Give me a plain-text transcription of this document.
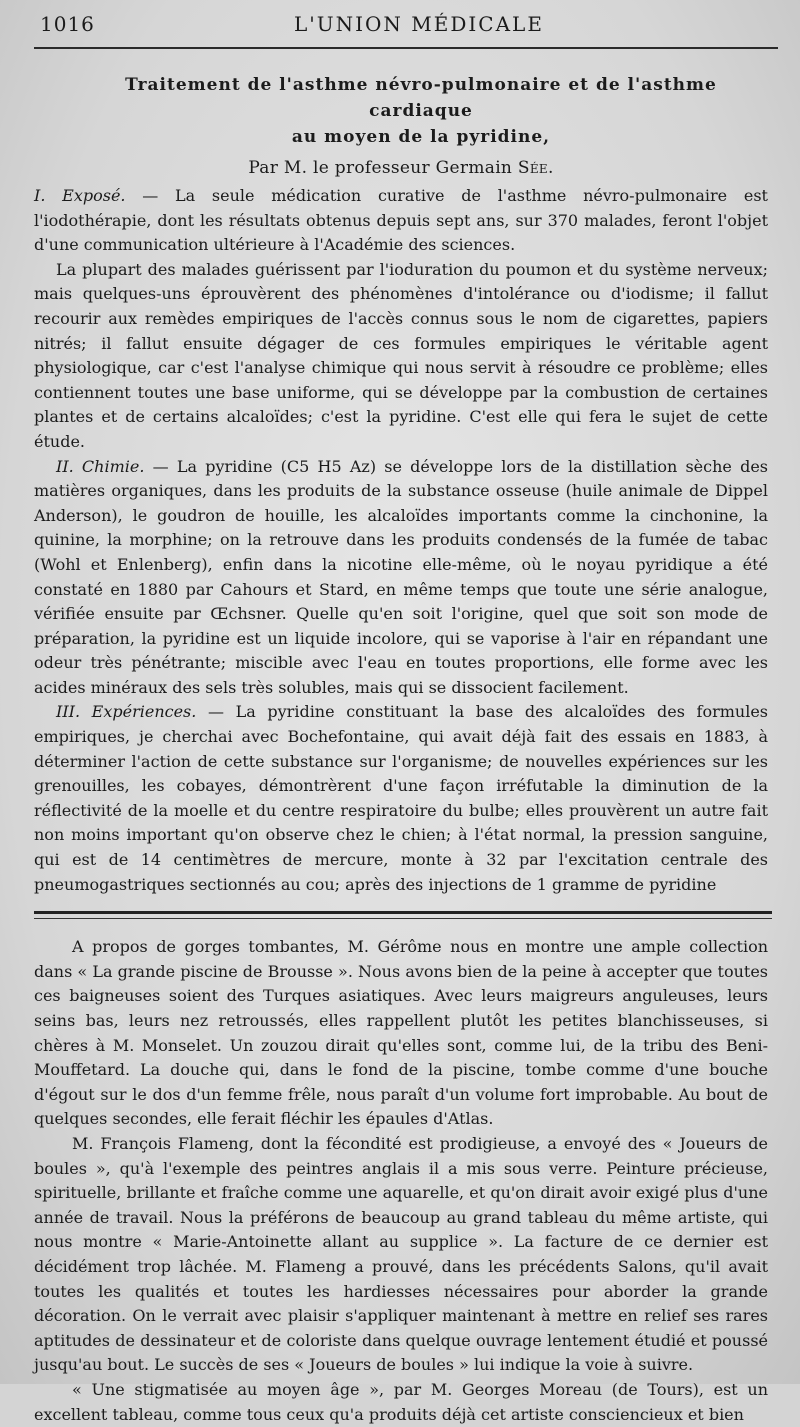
1016	L'UNION MÉDICALE
Traitement de l'asthme névro-pulmonaire et de l'asthme cardiaque
au moyen de la pyridine,
Par M. le professeur Germain Sée.

I. Exposé. — La seule médication curative de l'asthme névro-pulmonaire est l'iodothérapie, dont les résultats obtenus depuis sept ans, sur 370 malades, feront l'objet d'une communication ultérieure à l'Académie des sciences.

La plupart des malades guérissent par l'ioduration du poumon et du système nerveux; mais quelques-uns éprouvèrent des phénomènes d'intolérance ou d'iodisme; il fallut recourir aux remèdes empiriques de l'accès connus sous le nom de cigarettes, papiers nitrés; il fallut ensuite dégager de ces formules empiriques le véritable agent physiologique, car c'est l'analyse chimique qui nous servit à résoudre ce problème; elles contiennent toutes une base uniforme, qui se développe par la combustion de certaines plantes et de certains alcaloïdes; c'est la pyridine. C'est elle qui fera le sujet de cette étude.

II. Chimie. — La pyridine (C5 H5 Az) se développe lors de la distillation sèche des matières organiques, dans les produits de la substance osseuse (huile animale de Dippel Anderson), le goudron de houille, les alcaloïdes importants comme la cinchonine, la quinine, la morphine; on la retrouve dans les produits condensés de la fumée de tabac (Wohl et Enlenberg), enfin dans la nicotine elle-même, où le noyau pyridique a été constaté en 1880 par Cahours et Stard, en même temps que toute une série analogue, vérifiée ensuite par Œchsner. Quelle qu'en soit l'origine, quel que soit son mode de préparation, la pyridine est un liquide incolore, qui se vaporise à l'air en répandant une odeur très pénétrante; miscible avec l'eau en toutes proportions, elle forme avec les acides minéraux des sels très solubles, mais qui se dissocient facilement.

III. Expériences. — La pyridine constituant la base des alcaloïdes des formules empiriques, je cherchai avec Bochefontaine, qui avait déjà fait des essais en 1883, à déterminer l'action de cette substance sur l'organisme; de nouvelles expériences sur les grenouilles, les cobayes, démontrèrent d'une façon irréfutable la diminution de la réflectivité de la moelle et du centre respiratoire du bulbe; elles prouvèrent un autre fait non moins important qu'on observe chez le chien; à l'état normal, la pression sanguine, qui est de 14 centimètres de mercure, monte à 32 par l'excitation centrale des pneumogastriques sectionnés au cou; après des injections de 1 gramme de pyridine

A propos de gorges tombantes, M. Gérôme nous en montre une ample collection dans « La grande piscine de Brousse ». Nous avons bien de la peine à accepter que toutes ces baigneuses soient des Turques asiatiques. Avec leurs maigreurs anguleuses, leurs seins bas, leurs nez retroussés, elles rappellent plutôt les petites blanchisseuses, si chères à M. Monselet. Un zouzou dirait qu'elles sont, comme lui, de la tribu des Beni-Mouffetard. La douche qui, dans le fond de la piscine, tombe comme d'une bouche d'égout sur le dos d'un femme frêle, nous paraît d'un volume fort improbable. Au bout de quelques secondes, elle ferait fléchir les épaules d'Atlas.

M. François Flameng, dont la fécondité est prodigieuse, a envoyé des « Joueurs de boules », qu'à l'exemple des peintres anglais il a mis sous verre. Peinture précieuse, spirituelle, brillante et fraîche comme une aquarelle, et qu'on dirait avoir exigé plus d'une année de travail. Nous la préférons de beaucoup au grand tableau du même artiste, qui nous montre « Marie-Antoinette allant au supplice ». La facture de ce dernier est décidément trop lâchée. M. Flameng a prouvé, dans les précédents Salons, qu'il avait toutes les qualités et toutes les hardiesses nécessaires pour aborder la grande décoration. On le verrait avec plaisir s'appliquer maintenant à mettre en relief ses rares aptitudes de dessinateur et de coloriste dans quelque ouvrage lentement étudié et poussé jusqu'au bout. Le succès de ses « Joueurs de boules » lui indique la voie à suivre.

« Une stigmatisée au moyen âge », par M. Georges Moreau (de Tours), est un excellent tableau, comme tous ceux qu'a produits déjà cet artiste consciencieux et bien
